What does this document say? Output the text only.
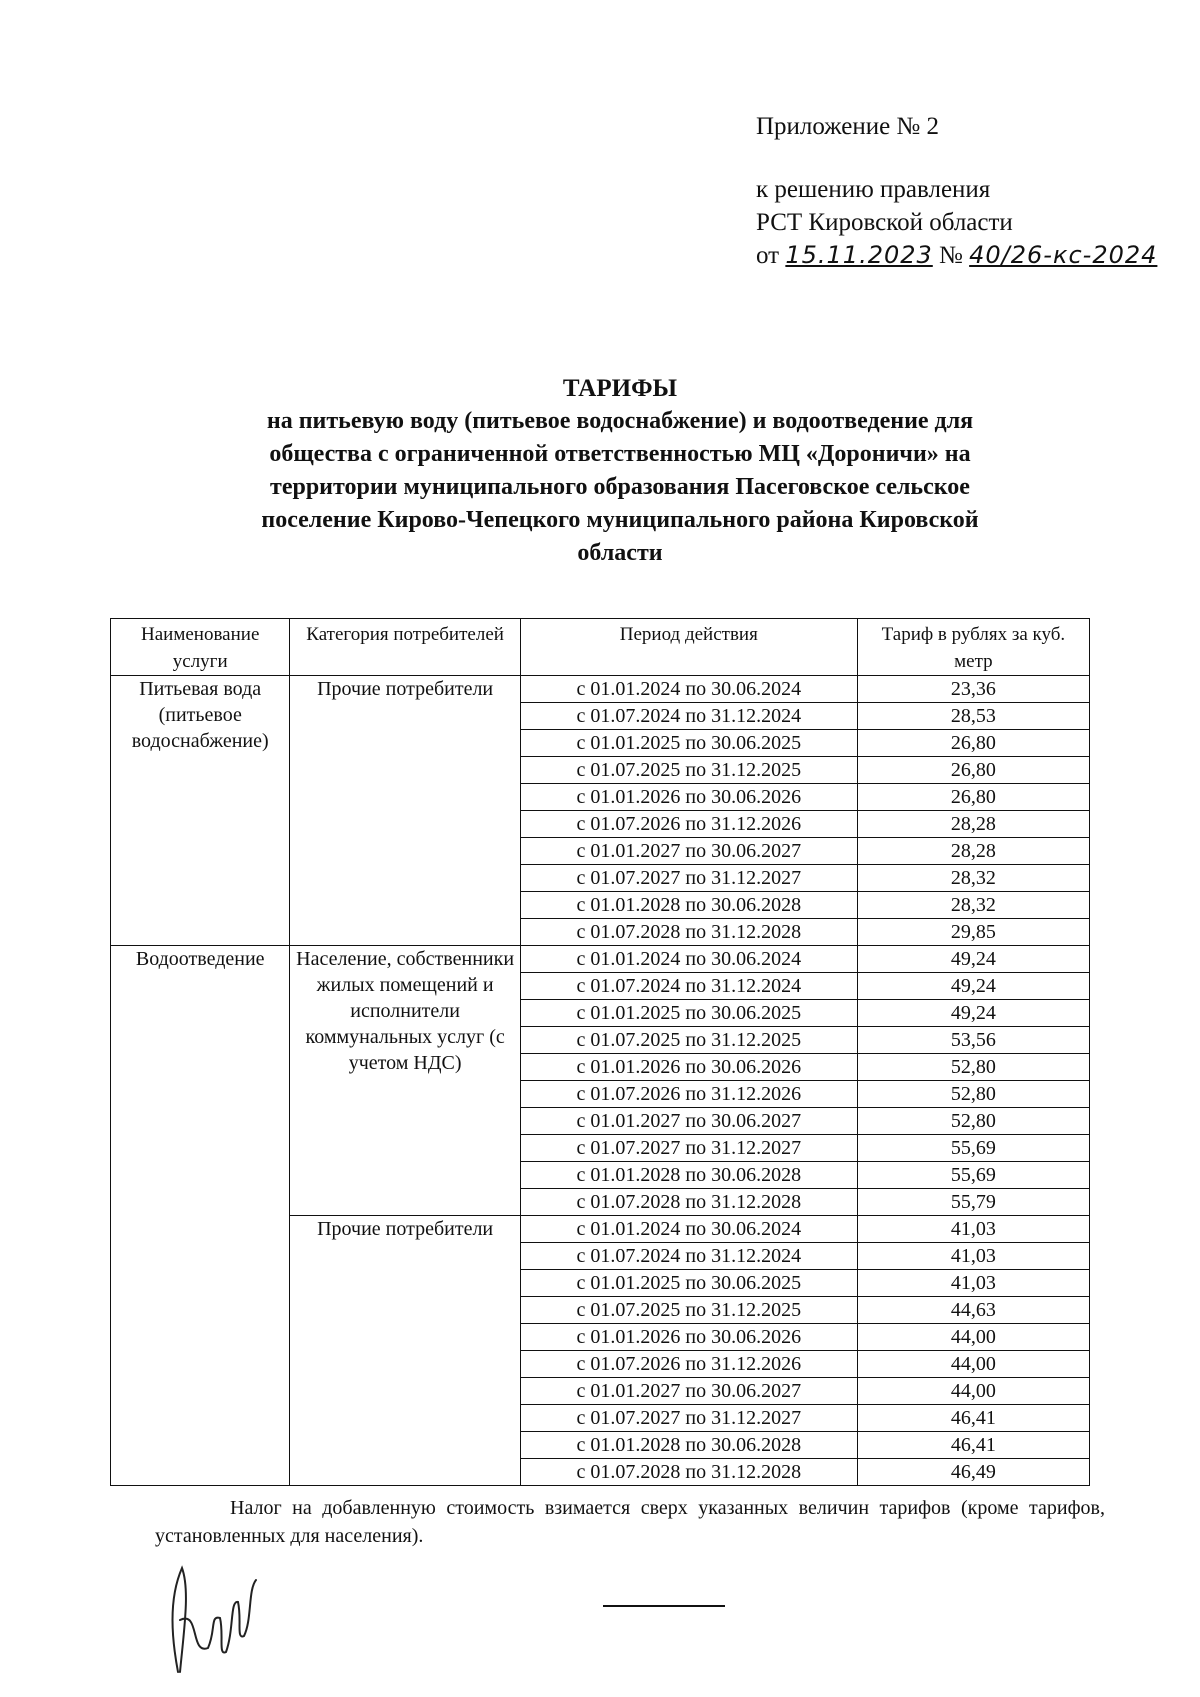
Приложение № 2
к решению правления
РСТ Кировской области
от 15.11.2023 № 40/26-кс-2024
ТАРИФЫ
на питьевую воду (питьевое водоснабжение) и водоотведение для
общества с ограниченной ответственностью МЦ «Дороничи» на
территории муниципального образования Пасеговское сельское
поселение Кирово-Чепецкого муниципального района Кировской
области
Наименование услуги	Категория потребителей	Период действия	Тариф в рублях за куб. метр
Питьевая вода (питьевое водоснабжение)	Прочие потребители	с 01.01.2024 по 30.06.2024	23,36
		с 01.07.2024 по 31.12.2024	28,53
		с 01.01.2025 по 30.06.2025	26,80
		с 01.07.2025 по 31.12.2025	26,80
		с 01.01.2026 по 30.06.2026	26,80
		с 01.07.2026 по 31.12.2026	28,28
		с 01.01.2027 по 30.06.2027	28,28
		с 01.07.2027 по 31.12.2027	28,32
		с 01.01.2028 по 30.06.2028	28,32
		с 01.07.2028 по 31.12.2028	29,85
Водоотведение	Население, собственники жилых помещений и исполнители коммунальных услуг (с учетом НДС)	с 01.01.2024 по 30.06.2024	49,24
		с 01.07.2024 по 31.12.2024	49,24
		с 01.01.2025 по 30.06.2025	49,24
		с 01.07.2025 по 31.12.2025	53,56
		с 01.01.2026 по 30.06.2026	52,80
		с 01.07.2026 по 31.12.2026	52,80
		с 01.01.2027 по 30.06.2027	52,80
		с 01.07.2027 по 31.12.2027	55,69
		с 01.01.2028 по 30.06.2028	55,69
		с 01.07.2028 по 31.12.2028	55,79
	Прочие потребители	с 01.01.2024 по 30.06.2024	41,03
		с 01.07.2024 по 31.12.2024	41,03
		с 01.01.2025 по 30.06.2025	41,03
		с 01.07.2025 по 31.12.2025	44,63
		с 01.01.2026 по 30.06.2026	44,00
		с 01.07.2026 по 31.12.2026	44,00
		с 01.01.2027 по 30.06.2027	44,00
		с 01.07.2027 по 31.12.2027	46,41
		с 01.01.2028 по 30.06.2028	46,41
		с 01.07.2028 по 31.12.2028	46,49
Налог на добавленную стоимость взимается сверх указанных величин тарифов (кроме тарифов, установленных для населения).
